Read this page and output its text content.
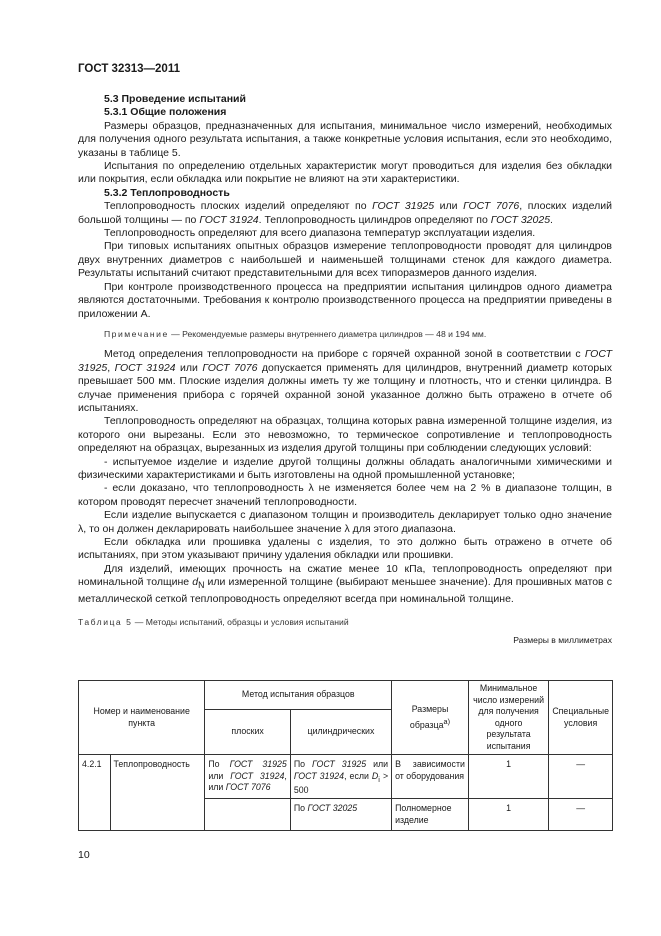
ГОСТ 32313—2011

5.3 Проведение испытаний

5.3.1 Общие положения

Размеры образцов, предназначенных для испытания, минимальное число измерений, необходимых для получения одного результата испытания, а также конкретные условия испытания, если это необходимо, указаны в таблице 5.

Испытания по определению отдельных характеристик могут проводиться для изделия без обкладки или покрытия, если обкладка или покрытие не влияют на эти характеристики.

5.3.2 Теплопроводность

Теплопроводность плоских изделий определяют по ГОСТ 31925 или ГОСТ 7076, плоских изделий большой толщины — по ГОСТ 31924. Теплопроводность цилиндров определяют по ГОСТ 32025.

Теплопроводность определяют для всего диапазона температур эксплуатации изделия.

При типовых испытаниях опытных образцов измерение теплопроводности проводят для цилиндров двух внутренних диаметров с наибольшей и наименьшей толщинами стенок для каждого диаметра. Результаты испытаний считают представительными для всех типоразмеров данного изделия.

При контроле производственного процесса на предприятии испытания цилиндров одного диаметра являются достаточными. Требования к контролю производственного процесса на предприятии приведены в приложении А.

Примечание — Рекомендуемые размеры внутреннего диаметра цилиндров — 48 и 194 мм.

Метод определения теплопроводности на приборе с горячей охранной зоной в соответствии с ГОСТ 31925, ГОСТ 31924 или ГОСТ 7076 допускается применять для цилиндров, внутренний диаметр которых превышает 500 мм. Плоские изделия должны иметь ту же толщину и плотность, что и стенки цилиндра. В случае применения прибора с горячей охранной зоной указанное должно быть отражено в отчете об испытаниях.

Теплопроводность определяют на образцах, толщина которых равна измеренной толщине изделия, из которого они вырезаны. Если это невозможно, то термическое сопротивление и теплопроводность определяют на образцах, вырезанных из изделия другой толщины при соблюдении следующих условий:

- испытуемое изделие и изделие другой толщины должны обладать аналогичными химическими и физическими характеристиками и быть изготовлены на одной промышленной установке;

- если доказано, что теплопроводность λ не изменяется более чем на 2 % в диапазоне толщин, в котором проводят пересчет значений теплопроводности.

Если изделие выпускается с диапазоном толщин и производитель декларирует только одно значение λ, то он должен декларировать наибольшее значение λ для этого диапазона.

Если обкладка или прошивка удалены с изделия, то это должно быть отражено в отчете об испытаниях, при этом указывают причину удаления обкладки или прошивки.

Для изделий, имеющих прочность на сжатие менее 10 кПа, теплопроводность определяют при номинальной толщине $d_N$ или измеренной толщине (выбирают меньшее значение). Для прошивных матов с металлической сеткой теплопроводность определяют всегда при номинальной толщине.

Таблица 5 — Методы испытаний, образцы и условия испытаний

Размеры в миллиметрах

Номер и наименование пункта		Метод испытания образцов		Размеры образца$^{а)}$	Минимальное число измерений для получения одного результата испытания	Специальные условия
		плоских	цилиндрических			
4.2.1	Теплопроводность	По ГОСТ 31925 или ГОСТ 31924, или ГОСТ 7076	По ГОСТ 31925 или ГОСТ 31924, если $D_i > 500$	В зависимости от оборудования	1	—
			По ГОСТ 32025	Полномерное изделие	1	—
10
